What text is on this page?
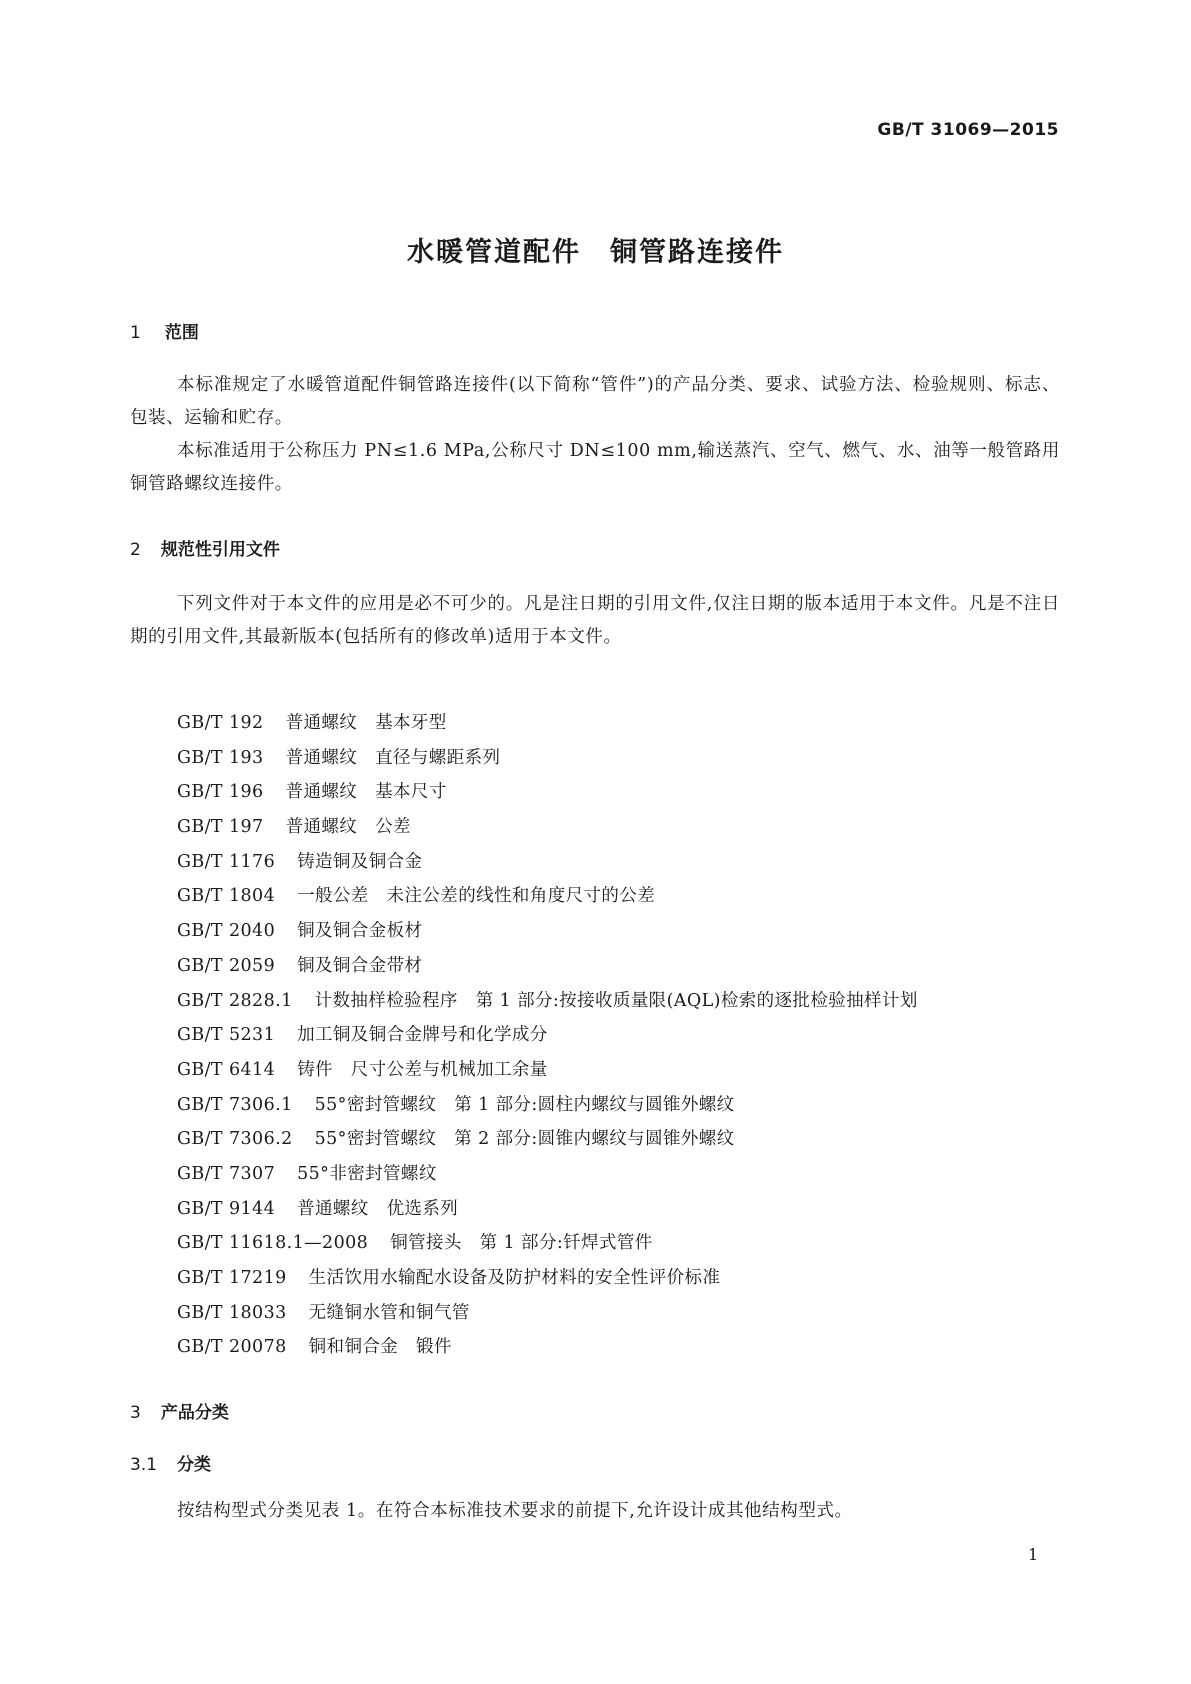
GB/T 31069—2015
水暖管道配件　铜管路连接件
1 范围

本标准规定了水暖管道配件铜管路连接件(以下简称“管件”)的产品分类、要求、试验方法、检验规则、标志、包装、运输和贮存。

本标准适用于公称压力 PN≤1.6 MPa,公称尺寸 DN≤100 mm,输送蒸汽、空气、燃气、水、油等一般管路用铜管路螺纹连接件。

2 规范性引用文件

下列文件对于本文件的应用是必不可少的。凡是注日期的引用文件,仅注日期的版本适用于本文件。凡是不注日期的引用文件,其最新版本(包括所有的修改单)适用于本文件。

GB/T 192 普通螺纹　基本牙型
GB/T 193 普通螺纹　直径与螺距系列
GB/T 196 普通螺纹　基本尺寸
GB/T 197 普通螺纹　公差
GB/T 1176 铸造铜及铜合金
GB/T 1804 一般公差　未注公差的线性和角度尺寸的公差
GB/T 2040 铜及铜合金板材
GB/T 2059 铜及铜合金带材
GB/T 2828.1 计数抽样检验程序　第 1 部分:按接收质量限(AQL)检索的逐批检验抽样计划
GB/T 5231 加工铜及铜合金牌号和化学成分
GB/T 6414 铸件　尺寸公差与机械加工余量
GB/T 7306.1 55°密封管螺纹　第 1 部分:圆柱内螺纹与圆锥外螺纹
GB/T 7306.2 55°密封管螺纹　第 2 部分:圆锥内螺纹与圆锥外螺纹
GB/T 7307 55°非密封管螺纹
GB/T 9144 普通螺纹　优选系列
GB/T 11618.1—2008 铜管接头　第 1 部分:钎焊式管件
GB/T 17219 生活饮用水输配水设备及防护材料的安全性评价标准
GB/T 18033 无缝铜水管和铜气管
GB/T 20078 铜和铜合金　锻件
3 产品分类
3.1 分类

按结构型式分类见表 1。在符合本标准技术要求的前提下,允许设计成其他结构型式。

1
